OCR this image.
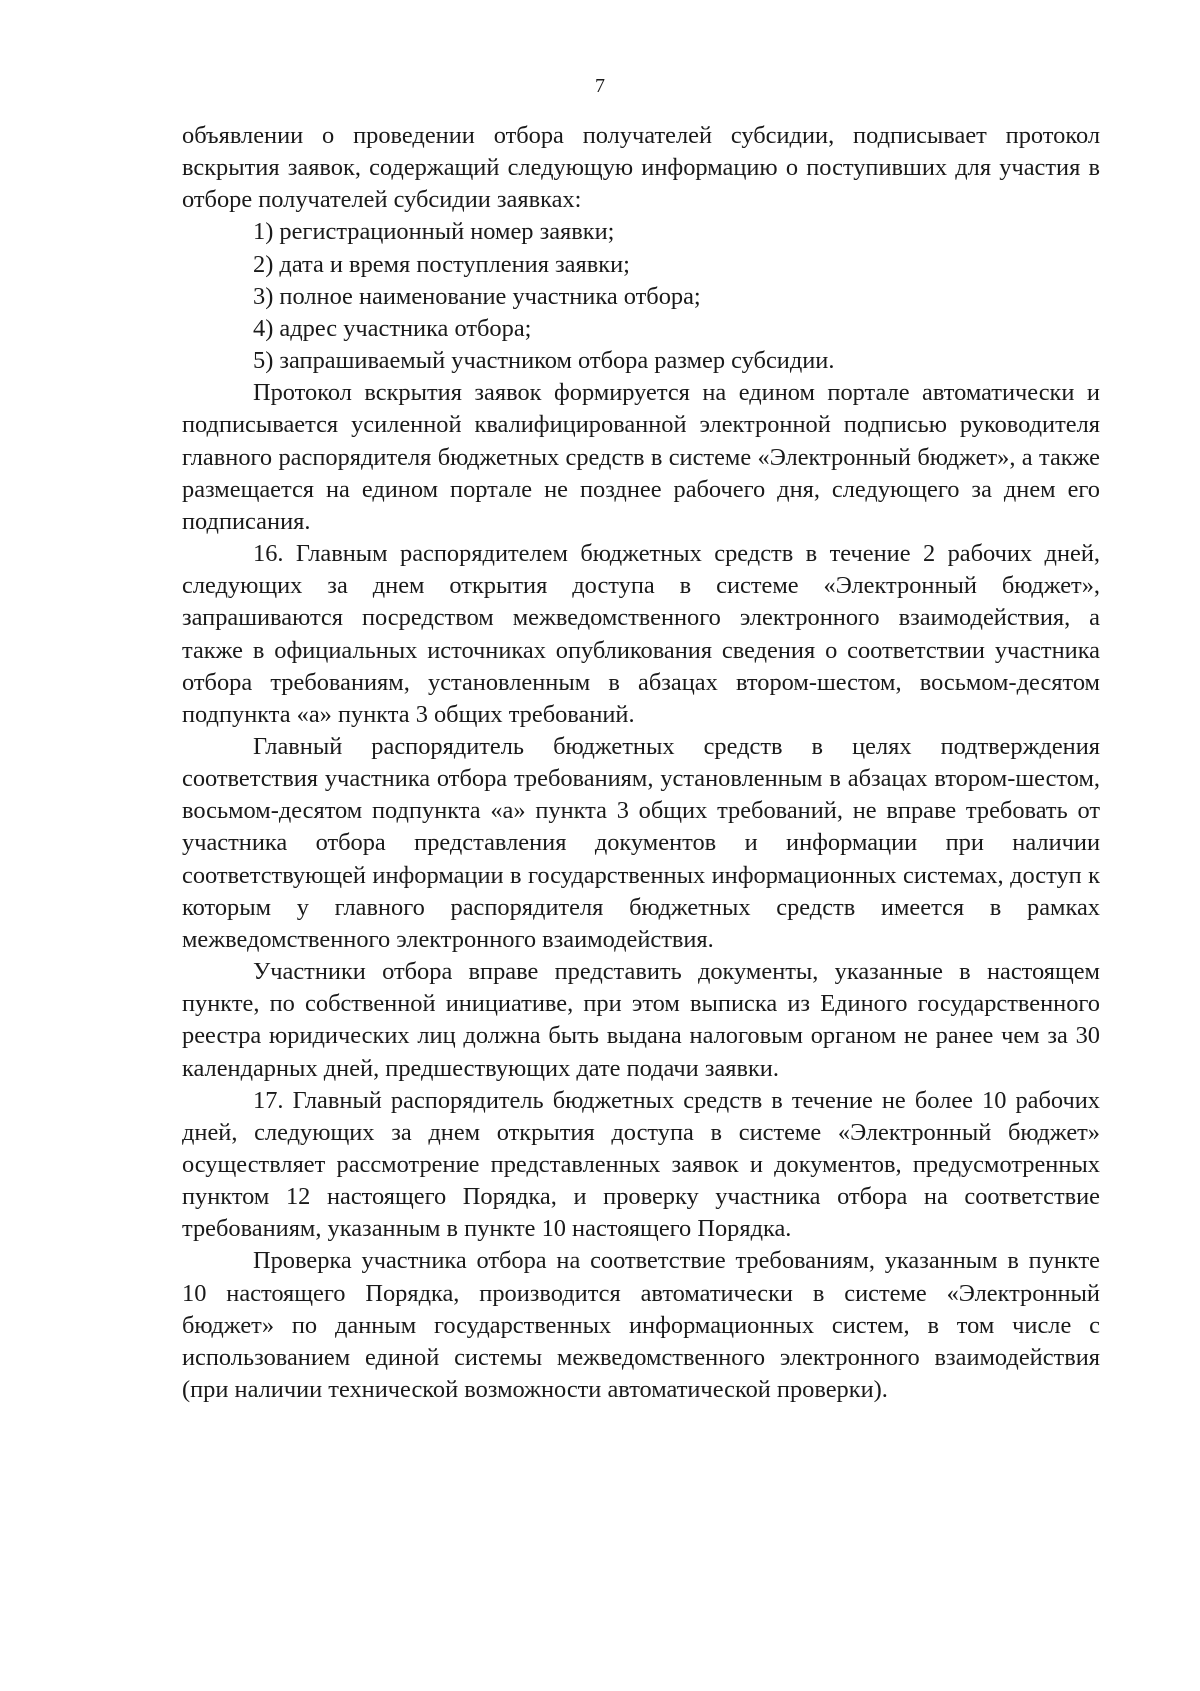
7

объявлении о проведении отбора получателей субсидии, подписывает протокол вскрытия заявок, содержащий следующую информацию о поступивших для участия в отборе получателей субсидии заявках:

1) регистрационный номер заявки;

2) дата и время поступления заявки;

3) полное наименование участника отбора;

4) адрес участника отбора;

5) запрашиваемый участником отбора размер субсидии.

Протокол вскрытия заявок формируется на едином портале автоматически и подписывается усиленной квалифицированной электронной подписью руководителя главного распорядителя бюджетных средств в системе «Электронный бюджет», а также размещается на едином портале не позднее рабочего дня, следующего за днем его подписания.

16. Главным распорядителем бюджетных средств в течение 2 рабочих дней, следующих за днем открытия доступа в системе «Электронный бюджет», запрашиваются посредством межведомственного электронного взаимодействия, а также в официальных источниках опубликования сведения о соответствии участника отбора требованиям, установленным в абзацах втором-шестом, восьмом-десятом подпункта «а» пункта 3 общих требований.

Главный распорядитель бюджетных средств в целях подтверждения соответствия участника отбора требованиям, установленным в абзацах втором-шестом, восьмом-десятом подпункта «а» пункта 3 общих требований, не вправе требовать от участника отбора представления документов и информации при наличии соответствующей информации в государственных информационных системах, доступ к которым у главного распорядителя бюджетных средств имеется в рамках межведомственного электронного взаимодействия.

Участники отбора вправе представить документы, указанные в настоящем пункте, по собственной инициативе, при этом выписка из Единого государственного реестра юридических лиц должна быть выдана налоговым органом не ранее чем за 30 календарных дней, предшествующих дате подачи заявки.

17. Главный распорядитель бюджетных средств в течение не более 10 рабочих дней, следующих за днем открытия доступа в системе «Электронный бюджет» осуществляет рассмотрение представленных заявок и документов, предусмотренных пунктом 12 настоящего Порядка, и проверку участника отбора на соответствие требованиям, указанным в пункте 10 настоящего Порядка.

Проверка участника отбора на соответствие требованиям, указанным в пункте 10 настоящего Порядка, производится автоматически в системе «Электронный бюджет» по данным государственных информационных систем, в том числе с использованием единой системы межведомственного электронного взаимодействия (при наличии технической возможности автоматической проверки).
